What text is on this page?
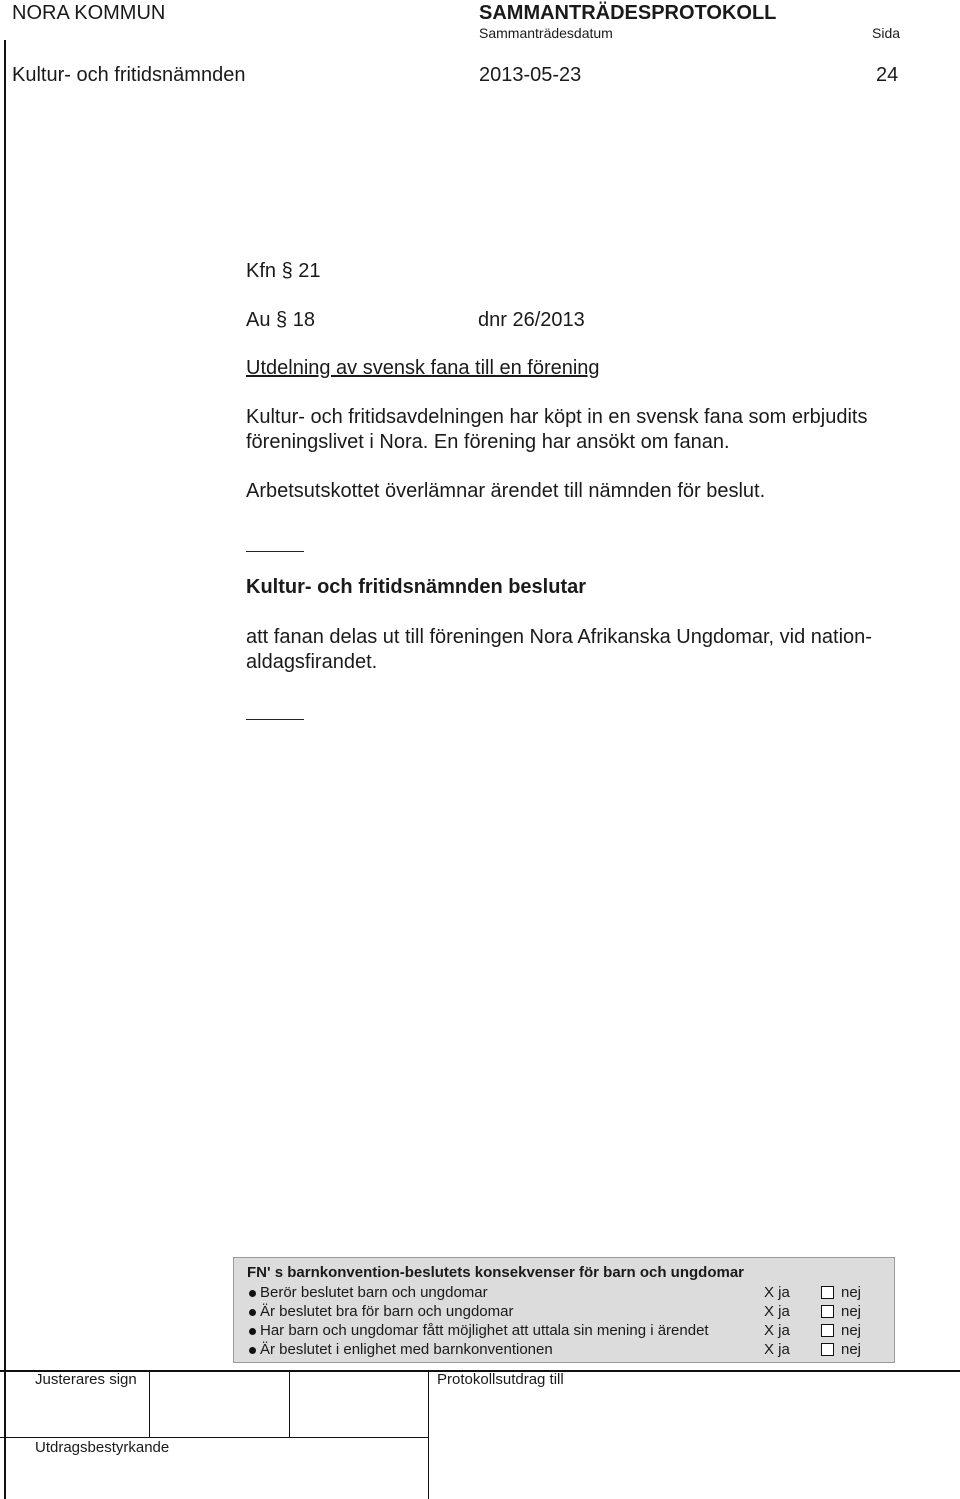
NORA KOMMUN	SAMMANTRÄDESPROTOKOLL
Sammanträdesdatum	Sida
Kultur- och fritidsnämnden	2013-05-23	24
Kfn § 21
Au § 18	dnr 26/2013
Utdelning av svensk fana till en förening
Kultur- och fritidsavdelningen har köpt in en svensk fana som erbjudits föreningslivet i Nora. En förening har ansökt om fanan.
Arbetsutskottet överlämnar ärendet till nämnden för beslut.
Kultur- och fritidsnämnden beslutar
att fanan delas ut till föreningen Nora Afrikanska Ungdomar, vid nation-aldagsfirandet.
FN' s barnkonvention-beslutets konsekvenser för barn och ungdomar
Berör beslutet barn och ungdomar	X ja	nej
Är beslutet bra för barn och ungdomar	X ja	nej
Har barn och ungdomar fått möjlighet att uttala sin mening i ärendet	X ja	nej
Är beslutet i enlighet med barnkonventionen	X ja	nej
Justerares sign	Protokollsutdrag till
Utdragsbestyrkande
